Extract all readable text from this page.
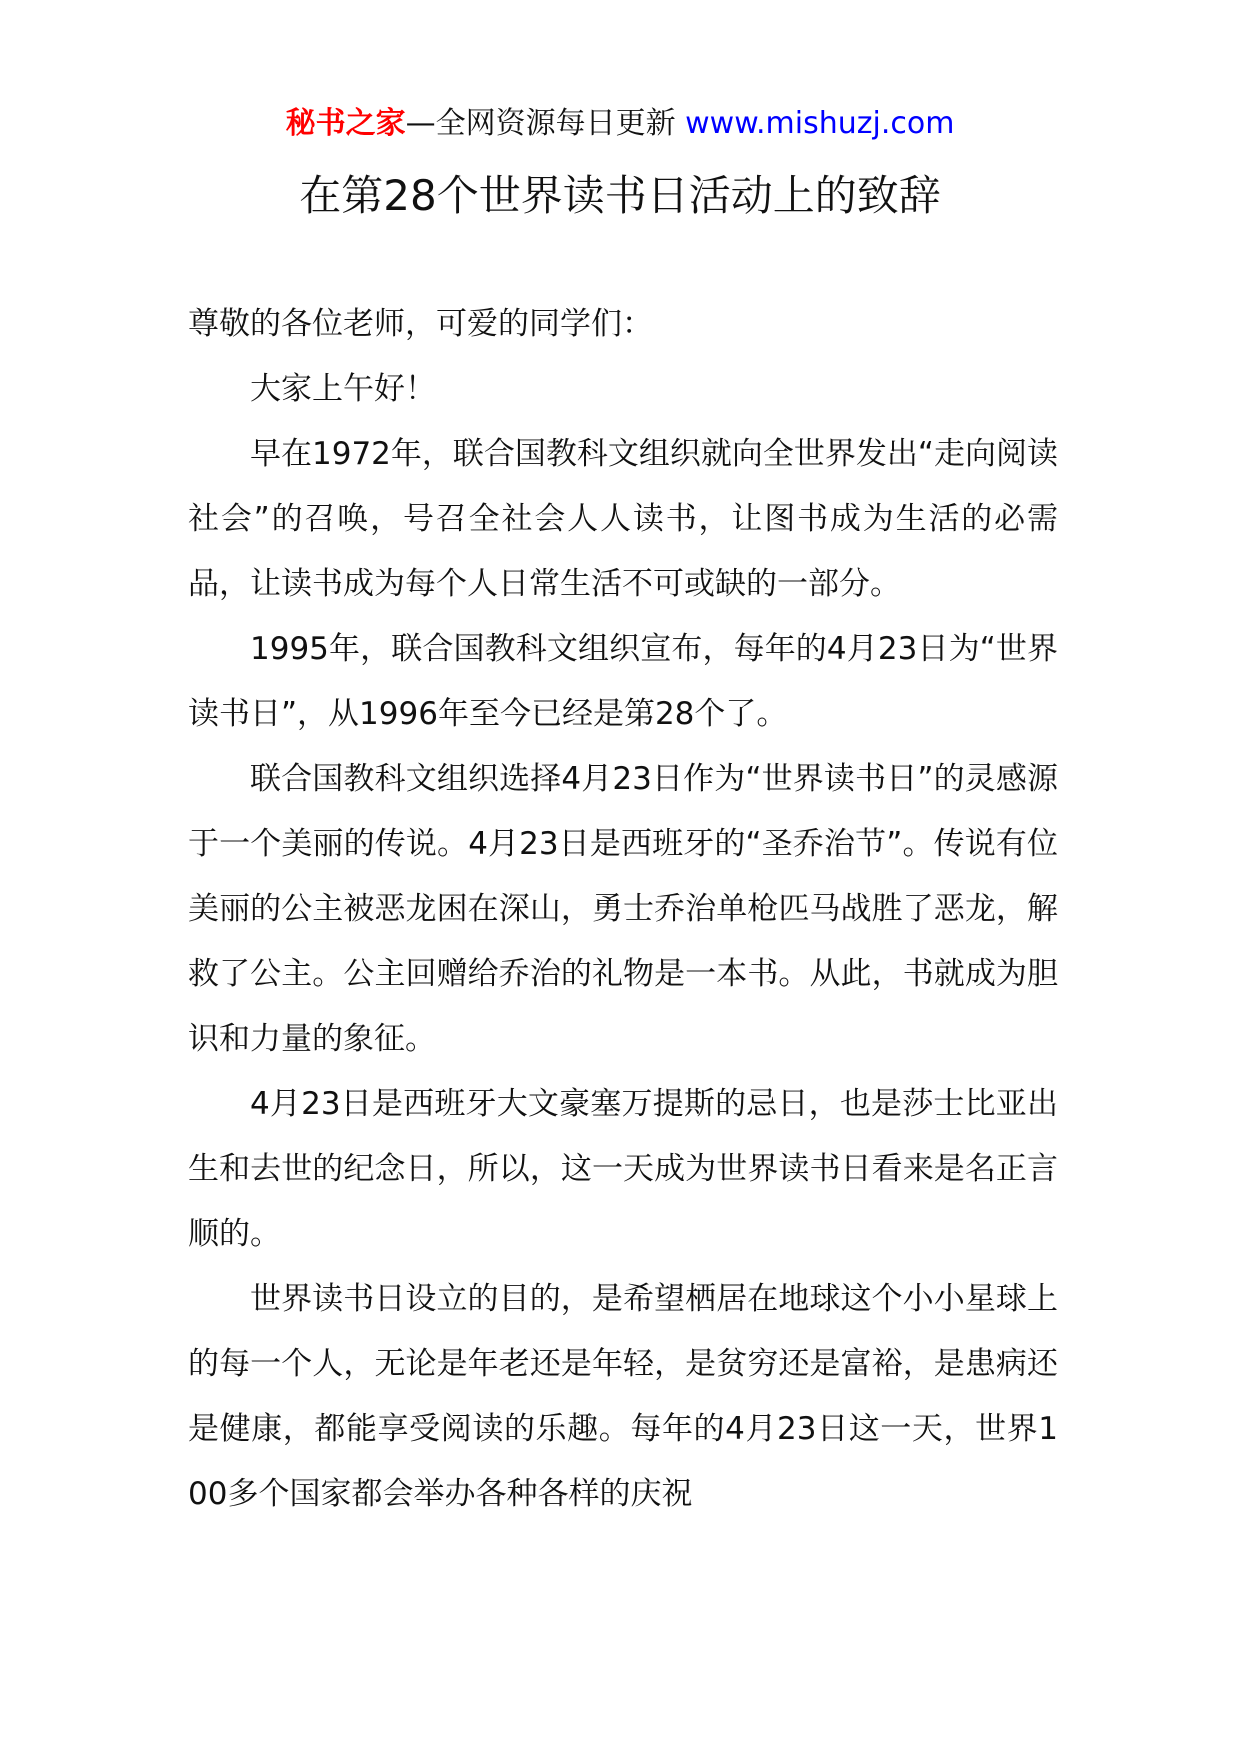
秘书之家—全网资源每日更新 www.mishuzj.com
在第28个世界读书日活动上的致辞

尊敬的各位老师，可爱的同学们：

大家上午好！

早在1972年，联合国教科文组织就向全世界发出“走向阅读社会”的召唤，号召全社会人人读书，让图书成为生活的必需品，让读书成为每个人日常生活不可或缺的一部分。

1995年，联合国教科文组织宣布，每年的4月23日为“世界读书日”，从1996年至今已经是第28个了。

联合国教科文组织选择4月23日作为“世界读书日”的灵感源于一个美丽的传说。4月23日是西班牙的“圣乔治节”。传说有位美丽的公主被恶龙困在深山，勇士乔治单枪匹马战胜了恶龙，解救了公主。公主回赠给乔治的礼物是一本书。从此，书就成为胆识和力量的象征。

4月23日是西班牙大文豪塞万提斯的忌日，也是莎士比亚出生和去世的纪念日，所以，这一天成为世界读书日看来是名正言顺的。

世界读书日设立的目的，是希望栖居在地球这个小小星球上的每一个人，无论是年老还是年轻，是贫穷还是富裕，是患病还是健康，都能享受阅读的乐趣。每年的4月23日这一天，世界100多个国家都会举办各种各样的庆祝
